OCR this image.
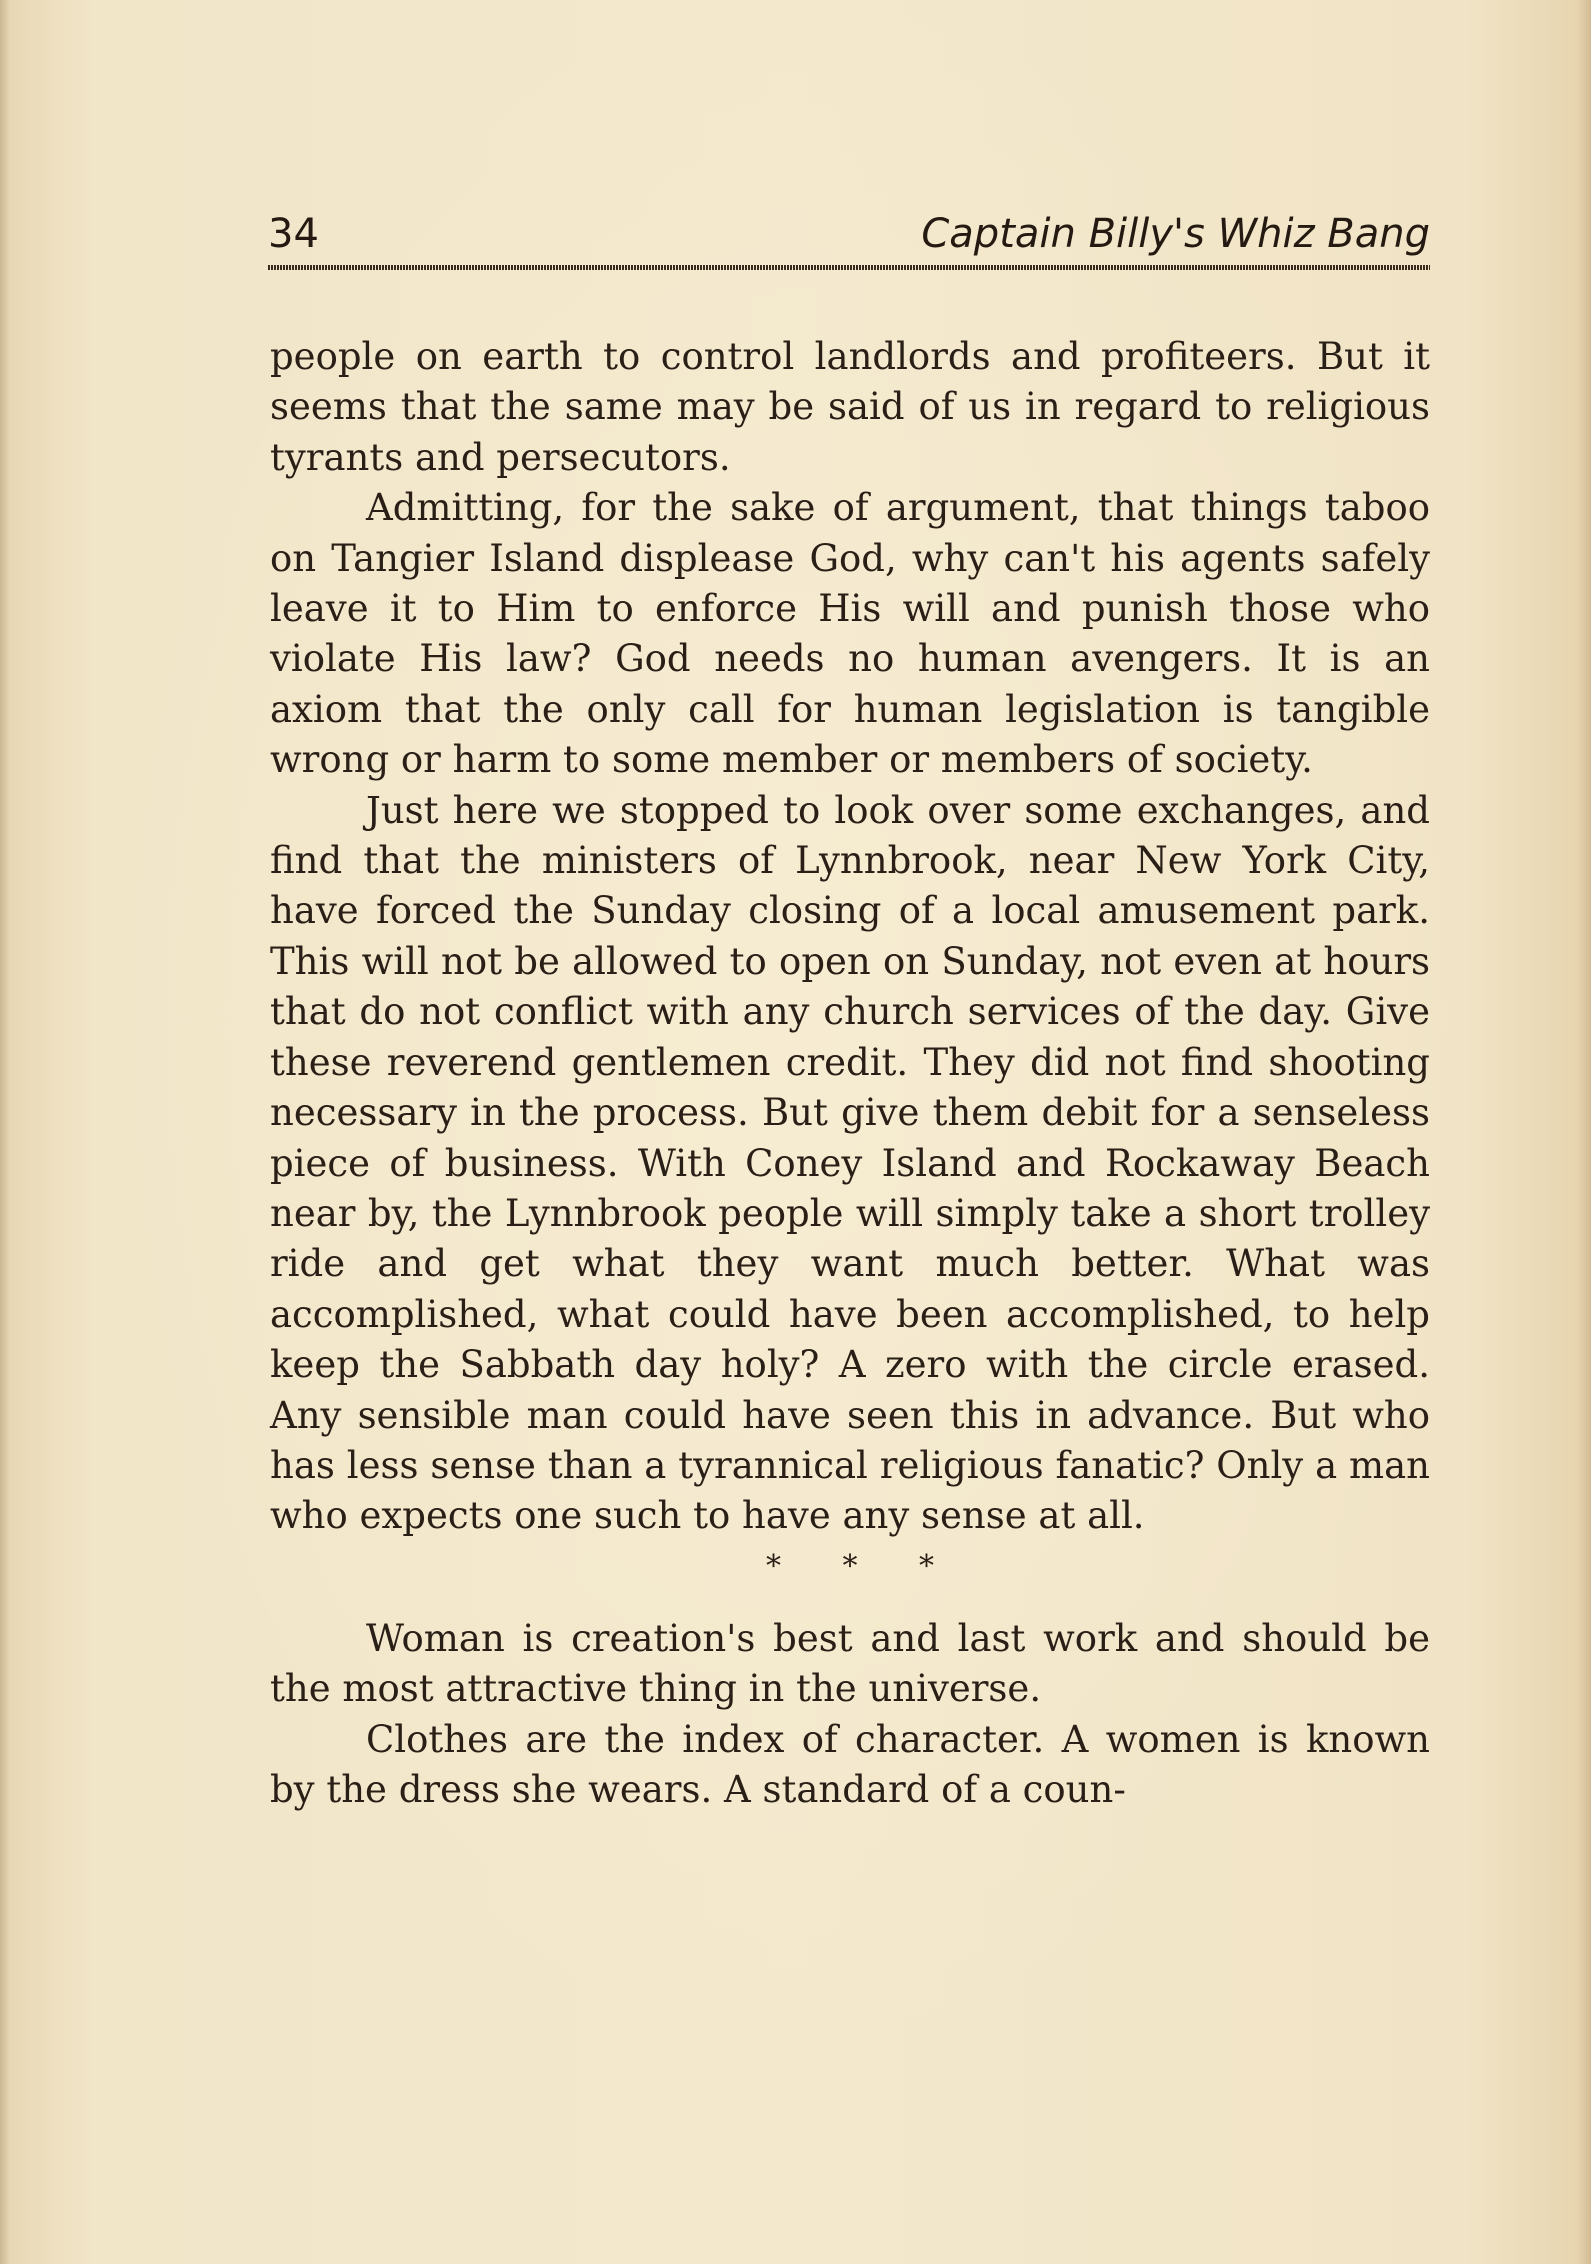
34	Captain Billy's Whiz Bang

people on earth to control landlords and profiteers. But it seems that the same may be said of us in regard to religious tyrants and persecutors.

Admitting, for the sake of argument, that things taboo on Tangier Island displease God, why can't his agents safely leave it to Him to enforce His will and punish those who violate His law? God needs no human avengers. It is an axiom that the only call for human legislation is tangible wrong or harm to some member or members of society.

Just here we stopped to look over some exchanges, and find that the ministers of Lynnbrook, near New York City, have forced the Sunday closing of a local amusement park. This will not be allowed to open on Sunday, not even at hours that do not conflict with any church services of the day. Give these reverend gentlemen credit. They did not find shooting necessary in the process. But give them debit for a senseless piece of business. With Coney Island and Rockaway Beach near by, the Lynnbrook people will simply take a short trolley ride and get what they want much better. What was accomplished, what could have been accomplished, to help keep the Sabbath day holy? A zero with the circle erased. Any sensible man could have seen this in advance. But who has less sense than a tyrannical religious fanatic? Only a man who expects one such to have any sense at all.

* * *

Woman is creation's best and last work and should be the most attractive thing in the universe.

Clothes are the index of character. A women is known by the dress she wears. A standard of a coun-
